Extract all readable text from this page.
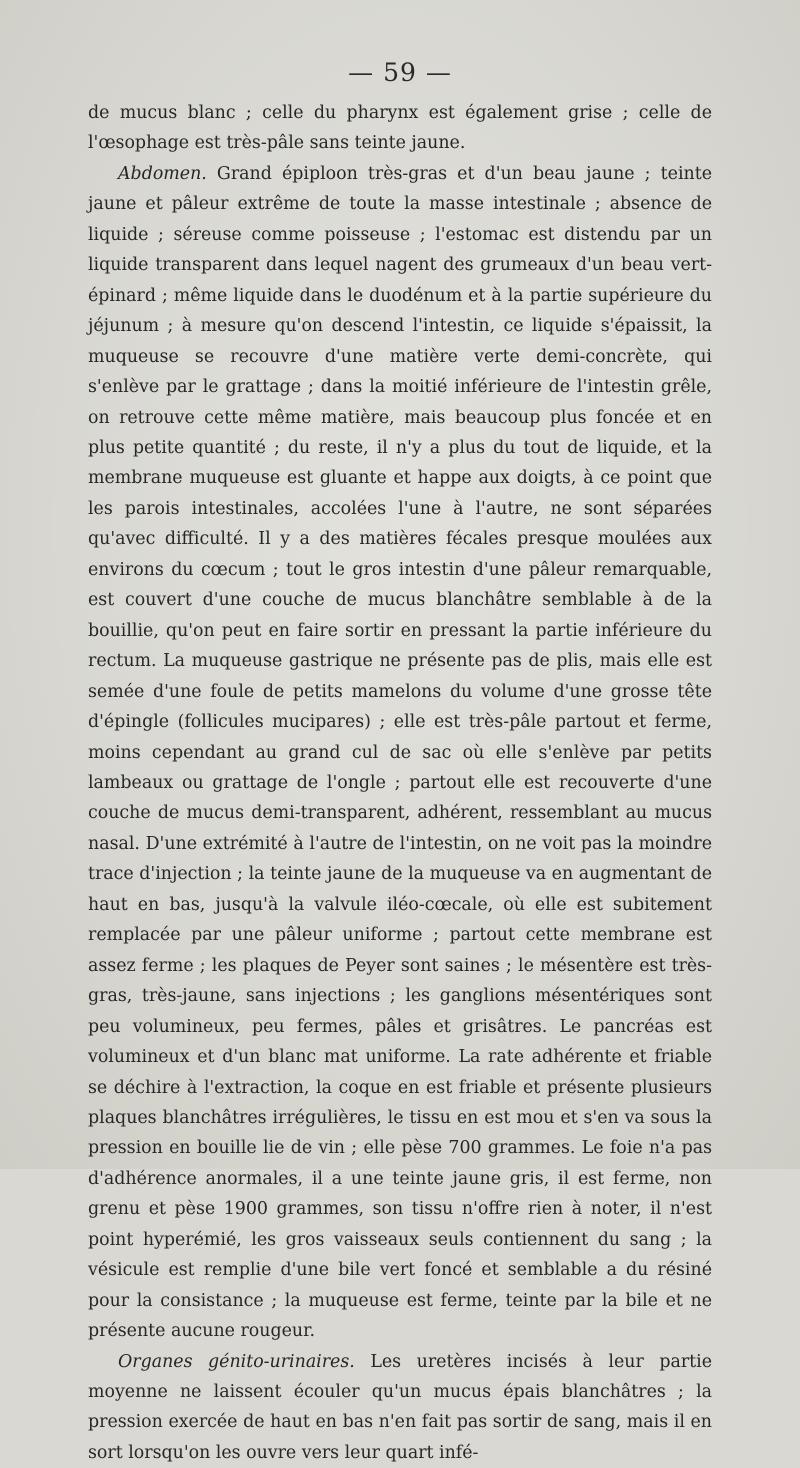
— 59 —

de mucus blanc ; celle du pharynx est également grise ; celle de l'œsophage est très-pâle sans teinte jaune.

Abdomen. Grand épiploon très-gras et d'un beau jaune ; teinte jaune et pâleur extrême de toute la masse intestinale ; absence de liquide ; séreuse comme poisseuse ; l'estomac est distendu par un liquide transparent dans lequel nagent des grumeaux d'un beau vert-épinard ; même liquide dans le duodénum et à la partie supérieure du jéjunum ; à mesure qu'on descend l'intestin, ce liquide s'épaissit, la muqueuse se recouvre d'une matière verte demi-concrète, qui s'enlève par le grattage ; dans la moitié inférieure de l'intestin grêle, on retrouve cette même matière, mais beaucoup plus foncée et en plus petite quantité ; du reste, il n'y a plus du tout de liquide, et la membrane muqueuse est gluante et happe aux doigts, à ce point que les parois intestinales, accolées l'une à l'autre, ne sont séparées qu'avec difficulté. Il y a des matières fécales presque moulées aux environs du cœcum ; tout le gros intestin d'une pâleur remarquable, est couvert d'une couche de mucus blanchâtre semblable à de la bouillie, qu'on peut en faire sortir en pressant la partie inférieure du rectum. La muqueuse gastrique ne présente pas de plis, mais elle est semée d'une foule de petits mamelons du volume d'une grosse tête d'épingle (follicules mucipares) ; elle est très-pâle partout et ferme, moins cependant au grand cul de sac où elle s'enlève par petits lambeaux ou grattage de l'ongle ; partout elle est recouverte d'une couche de mucus demi-transparent, adhérent, ressemblant au mucus nasal. D'une extrémité à l'autre de l'intestin, on ne voit pas la moindre trace d'injection ; la teinte jaune de la muqueuse va en augmentant de haut en bas, jusqu'à la valvule iléo-cœcale, où elle est subitement remplacée par une pâleur uniforme ; partout cette membrane est assez ferme ; les plaques de Peyer sont saines ; le mésentère est très-gras, très-jaune, sans injections ; les ganglions mésentériques sont peu volumineux, peu fermes, pâles et grisâtres. Le pancréas est volumineux et d'un blanc mat uniforme. La rate adhérente et friable se déchire à l'extraction, la coque en est friable et présente plusieurs plaques blanchâtres irrégulières, le tissu en est mou et s'en va sous la pression en bouille lie de vin ; elle pèse 700 grammes. Le foie n'a pas d'adhérence anormales, il a une teinte jaune gris, il est ferme, non grenu et pèse 1900 grammes, son tissu n'offre rien à noter, il n'est point hyperémié, les gros vaisseaux seuls contiennent du sang ; la vésicule est remplie d'une bile vert foncé et semblable a du résiné pour la consistance ; la muqueuse est ferme, teinte par la bile et ne présente aucune rougeur.

Organes génito-urinaires. Les uretères incisés à leur partie moyenne ne laissent écouler qu'un mucus épais blanchâtres ; la pression exercée de haut en bas n'en fait pas sortir de sang, mais il en sort lorsqu'on les ouvre vers leur quart infé-
